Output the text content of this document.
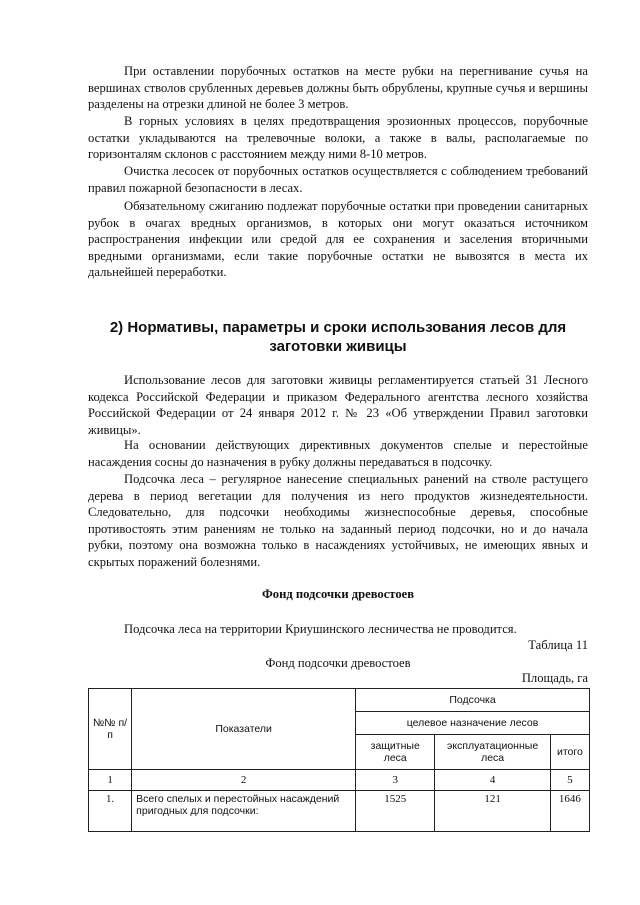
При оставлении порубочных остатков на месте рубки на перегнивание сучья на вершинах стволов срубленных деревьев должны быть обрублены, крупные сучья и вершины разделены на отрезки длиной не более 3 метров.

В горных условиях в целях предотвращения эрозионных процессов, порубочные остатки укладываются на трелевочные волоки, а также в валы, располагаемые по горизонталям склонов с расстоянием между ними 8-10 метров.

Очистка лесосек от порубочных остатков осуществляется с соблюдением требований правил пожарной безопасности в лесах.

Обязательному сжиганию подлежат порубочные остатки при проведении санитарных рубок в очагах вредных организмов, в которых они могут оказаться источником распространения инфекции или средой для ее сохранения и заселения вторичными вредными организмами, если такие порубочные остатки не вывозятся в места их дальнейшей переработки.

2) Нормативы, параметры и сроки использования лесов для заготовки живицы

Использование лесов для заготовки живицы регламентируется статьей 31 Лесного кодекса Российской Федерации и приказом Федерального агентства лесного хозяйства Российской Федерации от 24 января 2012 г. № 23 «Об утверждении Правил заготовки живицы».

На основании действующих директивных документов спелые и перестойные насаждения сосны до назначения в рубку должны передаваться в подсочку.

Подсочка леса – регулярное нанесение специальных ранений на стволе растущего дерева в период вегетации для получения из него продуктов жизнедеятельности. Следовательно, для подсочки необходимы жизнеспособные деревья, способные противостоять этим ранениям не только на заданный период подсочки, но и до начала рубки, поэтому она возможна только в насаждениях устойчивых, не имеющих явных и скрытых поражений болезнями.

Фонд подсочки древостоев
Подсочка леса на территории Криушинского лесничества не проводится.
Таблица 11
Фонд подсочки древостоев
Площадь, га
№№ п/п	Показатели	Подсочка		
		целевое назначение лесов		
		защитные леса	эксплуатационные леса	итого
1	2	3	4	5
1.	Всего спелых и перестойных насаждений пригодных для подсочки:	1525	121	1646
